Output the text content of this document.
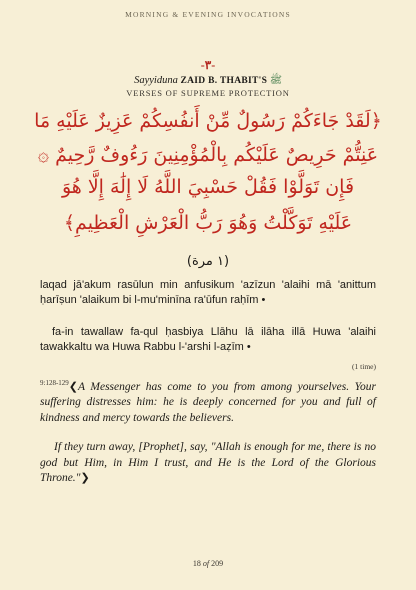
MORNING & EVENING INVOCATIONS
-٣-
Sayyiduna ZAID B. THABIT'S ﷺ
VERSES OF SUPREME PROTECTION
﴿لَقَدْ جَاءَكُمْ رَسُولٌ مِّنْ أَنفُسِكُمْ عَزِيزٌ عَلَيْهِ مَا
عَنِتُّمْ حَرِيصٌ عَلَيْكُم بِالْمُؤْمِنِينَ رَءُوفٌ رَّحِيمٌ ۞
فَإِن تَوَلَّوْا فَقُلْ حَسْبِيَ اللَّهُ لَا إِلَٰهَ إِلَّا هُوَ
عَلَيْهِ تَوَكَّلْتُ وَهُوَ رَبُّ الْعَرْشِ الْعَظِيمِ﴾
(١ مرة)
laqad jā'akum rasūlun min anfusikum 'azīzun 'alaihi mā 'anittum ḥarīṣun 'alaikum bi l-mu'minīna ra'ūfun raḥīm •
fa-in tawallaw fa-qul ḥasbiya Llāhu lā ilāha illā Huwa 'alaihi tawakkaltu wa Huwa Rabbu l-'arshi l-aẓīm •
(1 time)
$^{9:128-129}$❮A Messenger has come to you from among yourselves. Your suffering distresses him: he is deeply concerned for you and full of kindness and mercy towards the believers.
If they turn away, [Prophet], say, "Allah is enough for me, there is no god but Him, in Him I trust, and He is the Lord of the Glorious Throne."❯
18 of 209
